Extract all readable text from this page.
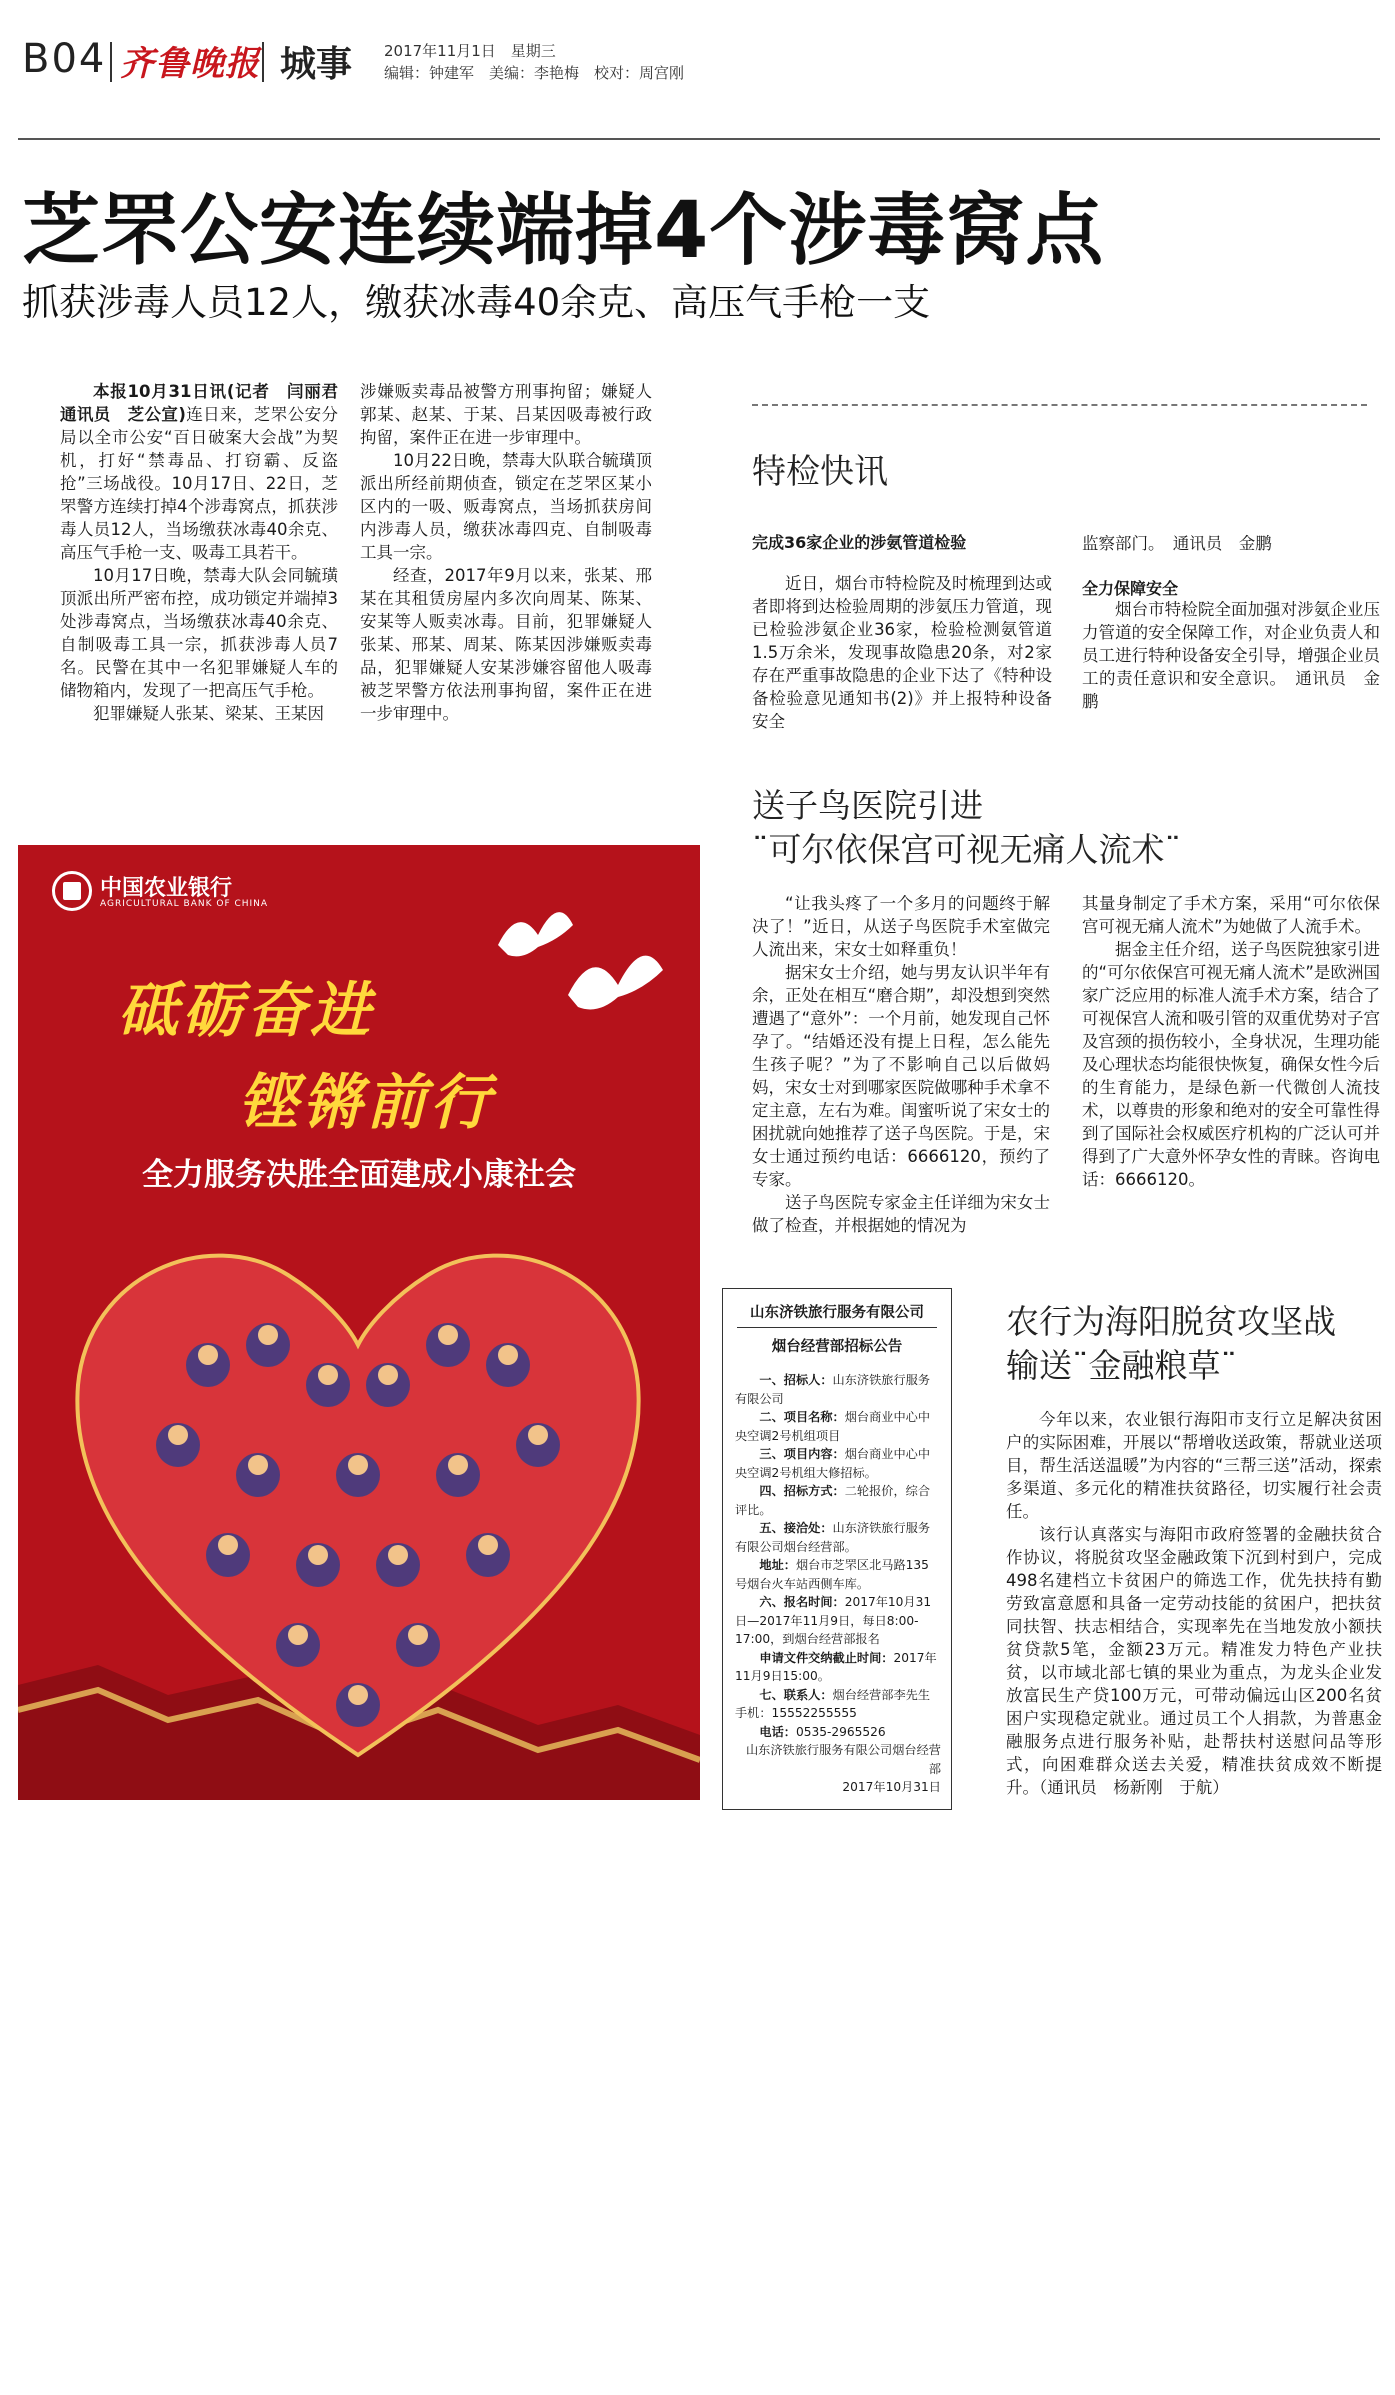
B04 齐鲁晚报 城事 2017年11月1日　星期三
编辑：钟建军　美编：李艳梅　校对：周宫刚
芝罘公安连续端掉4个涉毒窝点
抓获涉毒人员12人，缴获冰毒40余克、高压气手枪一支

本报10月31日讯(记者　闫丽君　通讯员　芝公宣)连日来，芝罘公安分局以全市公安“百日破案大会战”为契机，打好“禁毒品、打窃霸、反盗抢”三场战役。10月17日、22日，芝罘警方连续打掉4个涉毒窝点，抓获涉毒人员12人，当场缴获冰毒40余克、高压气手枪一支、吸毒工具若干。

10月17日晚，禁毒大队会同毓璜顶派出所严密布控，成功锁定并端掉3处涉毒窝点，当场缴获冰毒40余克、自制吸毒工具一宗，抓获涉毒人员7名。民警在其中一名犯罪嫌疑人车的储物箱内，发现了一把高压气手枪。

犯罪嫌疑人张某、梁某、王某因

涉嫌贩卖毒品被警方刑事拘留；嫌疑人郭某、赵某、于某、吕某因吸毒被行政拘留，案件正在进一步审理中。

10月22日晚，禁毒大队联合毓璜顶派出所经前期侦查，锁定在芝罘区某小区内的一吸、贩毒窝点，当场抓获房间内涉毒人员，缴获冰毒四克、自制吸毒工具一宗。

经查，2017年9月以来，张某、邢某在其租赁房屋内多次向周某、陈某、安某等人贩卖冰毒。目前，犯罪嫌疑人张某、邢某、周某、陈某因涉嫌贩卖毒品，犯罪嫌疑人安某涉嫌容留他人吸毒被芝罘警方依法刑事拘留，案件正在进一步审理中。

特检快讯

完成36家企业的涉氨管道检验

近日，烟台市特检院及时梳理到达或者即将到达检验周期的涉氨压力管道，现已检验涉氨企业36家，检验检测氨管道1.5万余米，发现事故隐患20条，对2家存在严重事故隐患的企业下达了《特种设备检验意见通知书(2)》并上报特种设备安全

监察部门。　通讯员　金鹏

全力保障安全

烟台市特检院全面加强对涉氨企业压力管道的安全保障工作，对企业负责人和员工进行特种设备安全引导，增强企业员工的责任意识和安全意识。　通讯员　金鹏

送子鸟医院引进
¨可尔依保宫可视无痛人流术¨

“让我头疼了一个多月的问题终于解决了！”近日，从送子鸟医院手术室做完人流出来，宋女士如释重负！

据宋女士介绍，她与男友认识半年有余，正处在相互“磨合期”，却没想到突然遭遇了“意外”：一个月前，她发现自己怀孕了。“结婚还没有提上日程，怎么能先生孩子呢？”为了不影响自己以后做妈妈，宋女士对到哪家医院做哪种手术拿不定主意，左右为难。闺蜜听说了宋女士的困扰就向她推荐了送子鸟医院。于是，宋女士通过预约电话：6666120，预约了专家。

送子鸟医院专家金主任详细为宋女士做了检查，并根据她的情况为

其量身制定了手术方案，采用“可尔依保宫可视无痛人流术”为她做了人流手术。

据金主任介绍，送子鸟医院独家引进的“可尔依保宫可视无痛人流术”是欧洲国家广泛应用的标准人流手术方案，结合了可视保宫人流和吸引管的双重优势对子宫及宫颈的损伤较小，全身状况，生理功能及心理状态均能很快恢复，确保女性今后的生育能力，是绿色新一代微创人流技术，以尊贵的形象和绝对的安全可靠性得到了国际社会权威医疗机构的广泛认可并得到了广大意外怀孕女性的青睐。咨询电话：6666120。

中国农业银行
AGRICULTURAL BANK OF CHINA
砥砺奋进
铿锵前行
全力服务决胜全面建成小康社会
山东济铁旅行服务有限公司
烟台经营部招标公告

一、招标人：山东济铁旅行服务有限公司

二、项目名称：烟台商业中心中央空调2号机组项目

三、项目内容：烟台商业中心中央空调2号机组大修招标。

四、招标方式：二轮报价，综合评比。

五、接洽处：山东济铁旅行服务有限公司烟台经营部。

地址：烟台市芝罘区北马路135号烟台火车站西侧车库。

六、报名时间：2017年10月31日—2017年11月9日，每日8:00-17:00，到烟台经营部报名

申请文件交纳截止时间：2017年11月9日15:00。

七、联系人：烟台经营部李先生手机：15552255555

电话：0535-2965526

山东济铁旅行服务有限公司烟台经营部

2017年10月31日

农行为海阳脱贫攻坚战
输送¨金融粮草¨

今年以来，农业银行海阳市支行立足解决贫困户的实际困难，开展以“帮增收送政策，帮就业送项目，帮生活送温暖”为内容的“三帮三送”活动，探索多渠道、多元化的精准扶贫路径，切实履行社会责任。

该行认真落实与海阳市政府签署的金融扶贫合作协议，将脱贫攻坚金融政策下沉到村到户，完成498名建档立卡贫困户的筛选工作，优先扶持有勤劳致富意愿和具备一定劳动技能的贫困户，把扶贫同扶智、扶志相结合，实现率先在当地发放小额扶贫贷款5笔，金额23万元。精准发力特色产业扶贫，以市域北部七镇的果业为重点，为龙头企业发放富民生产贷100万元，可带动偏远山区200名贫困户实现稳定就业。通过员工个人捐款，为普惠金融服务点进行服务补贴，赴帮扶村送慰问品等形式，向困难群众送去关爱，精准扶贫成效不断提升。（通讯员　杨新刚　于航）
